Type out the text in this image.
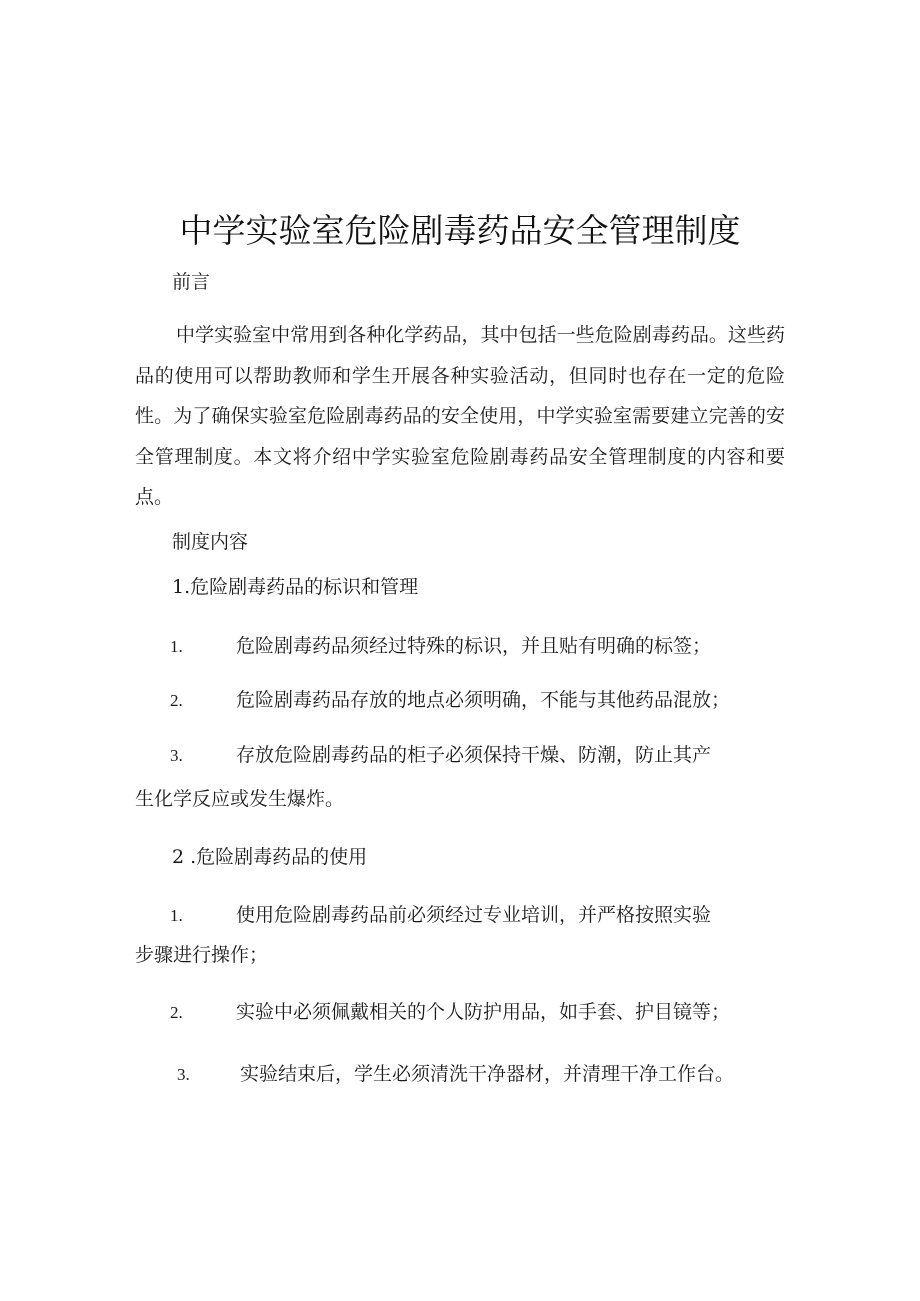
中学实验室危险剧毒药品安全管理制度

前言

中学实验室中常用到各种化学药品，其中包括一些危险剧毒药品。这些药品的使用可以帮助教师和学生开展各种实验活动，但同时也存在一定的危险性。为了确保实验室危险剧毒药品的安全使用，中学实验室需要建立完善的安全管理制度。本文将介绍中学实验室危险剧毒药品安全管理制度的内容和要点。

制度内容

1.危险剧毒药品的标识和管理

1.	危险剧毒药品须经过特殊的标识，并且贴有明确的标签；
2.	危险剧毒药品存放的地点必须明确，不能与其他药品混放；
3.	存放危险剧毒药品的柜子必须保持干燥、防潮，防止其产
生化学反应或发生爆炸。

2 .危险剧毒药品的使用

1.	使用危险剧毒药品前必须经过专业培训，并严格按照实验
步骤进行操作；
2.	实验中必须佩戴相关的个人防护用品，如手套、护目镜等；
3.	实验结束后，学生必须清洗干净器材，并清理干净工作台。
